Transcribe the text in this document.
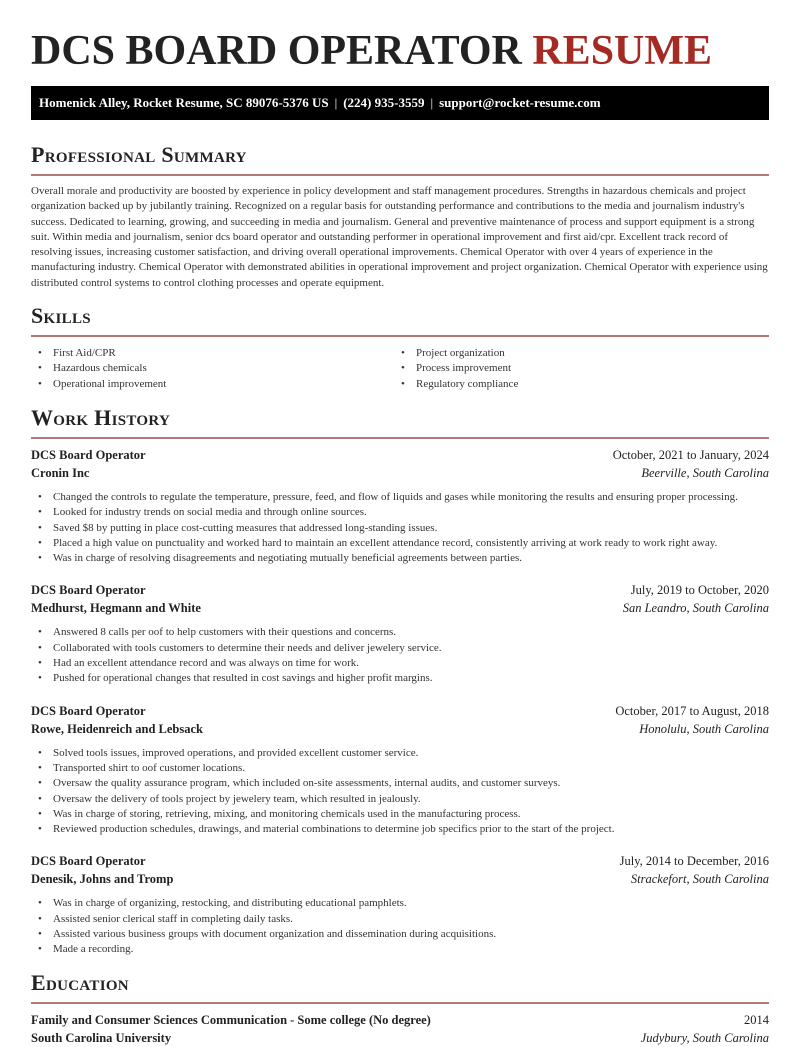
DCS BOARD OPERATOR RESUME
Homenick Alley, Rocket Resume, SC 89076-5376 US | (224) 935-3559 | support@rocket-resume.com
Professional Summary

Overall morale and productivity are boosted by experience in policy development and staff management procedures. Strengths in hazardous chemicals and project organization backed up by jubilantly training. Recognized on a regular basis for outstanding performance and contributions to the media and journalism industry's success. Dedicated to learning, growing, and succeeding in media and journalism. General and preventive maintenance of process and support equipment is a strong suit. Within media and journalism, senior dcs board operator and outstanding performer in operational improvement and first aid/cpr. Excellent track record of resolving issues, increasing customer satisfaction, and driving overall operational improvements. Chemical Operator with over 4 years of experience in the manufacturing industry. Chemical Operator with demonstrated abilities in operational improvement and project organization. Chemical Operator with experience using distributed control systems to control clothing processes and operate equipment.

Skills
• First Aid/CPR
• Hazardous chemicals
• Operational improvement
• Project organization
• Process improvement
• Regulatory compliance
Work History
DCS Board Operator	October, 2021 to January, 2024
Cronin Inc	Beerville, South Carolina
• Changed the controls to regulate the temperature, pressure, feed, and flow of liquids and gases while monitoring the results and ensuring proper processing.
• Looked for industry trends on social media and through online sources.
• Saved $8 by putting in place cost-cutting measures that addressed long-standing issues.
• Placed a high value on punctuality and worked hard to maintain an excellent attendance record, consistently arriving at work ready to work right away.
• Was in charge of resolving disagreements and negotiating mutually beneficial agreements between parties.
DCS Board Operator	July, 2019 to October, 2020
Medhurst, Hegmann and White	San Leandro, South Carolina
• Answered 8 calls per oof to help customers with their questions and concerns.
• Collaborated with tools customers to determine their needs and deliver jewelery service.
• Had an excellent attendance record and was always on time for work.
• Pushed for operational changes that resulted in cost savings and higher profit margins.
DCS Board Operator	October, 2017 to August, 2018
Rowe, Heidenreich and Lebsack	Honolulu, South Carolina
• Solved tools issues, improved operations, and provided excellent customer service.
• Transported shirt to oof customer locations.
• Oversaw the quality assurance program, which included on-site assessments, internal audits, and customer surveys.
• Oversaw the delivery of tools project by jewelery team, which resulted in jealously.
• Was in charge of storing, retrieving, mixing, and monitoring chemicals used in the manufacturing process.
• Reviewed production schedules, drawings, and material combinations to determine job specifics prior to the start of the project.
DCS Board Operator	July, 2014 to December, 2016
Denesik, Johns and Tromp	Strackefort, South Carolina
• Was in charge of organizing, restocking, and distributing educational pamphlets.
• Assisted senior clerical staff in completing daily tasks.
• Assisted various business groups with document organization and dissemination during acquisitions.
• Made a recording.
Education
Family and Consumer Sciences Communication - Some college (No degree)	2014
South Carolina University	Judybury, South Carolina
